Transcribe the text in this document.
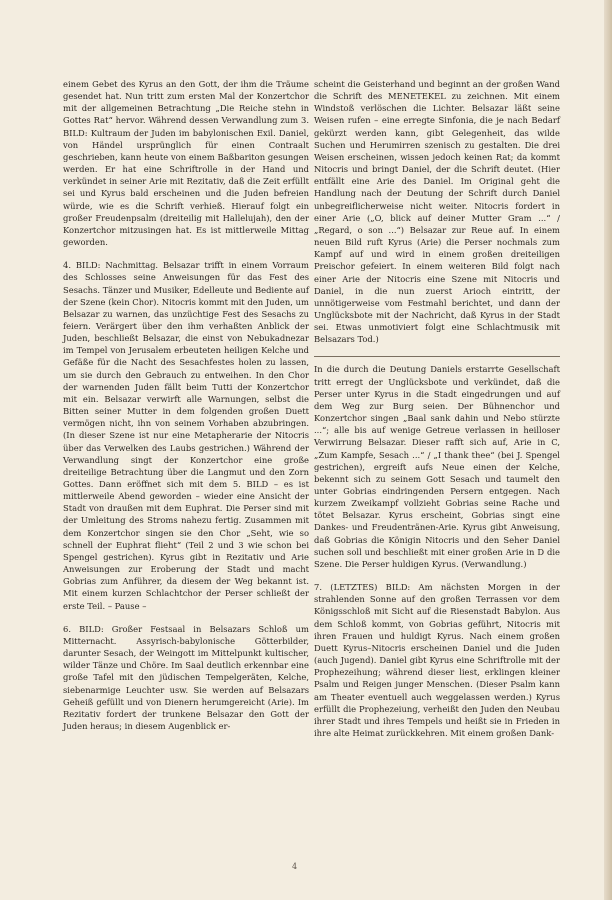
einem Gebet des Kyrus an den Gott, der ihm die Träume gesendet hat. Nun tritt zum ersten Mal der Konzertchor mit der allgemeinen Betrachtung „Die Reiche stehn in Gottes Rat“ hervor. Während dessen Verwandlung zum 3. BILD: Kultraum der Juden im babylonischen Exil. Daniel, von Händel ursprünglich für einen Contraalt geschrieben, kann heute von einem Baßbariton gesungen werden. Er hat eine Schriftrolle in der Hand und verkündet in seiner Arie mit Rezitativ, daß die Zeit erfüllt sei und Kyrus bald erscheinen und die Juden befreien würde, wie es die Schrift verhieß. Hierauf folgt ein großer Freudenpsalm (dreiteilig mit Hallelujah), den der Konzertchor mitzusingen hat. Es ist mittlerweile Mittag geworden.

4. BILD: Nachmittag. Belsazar trifft in einem Vorraum des Schlosses seine Anweisungen für das Fest des Sesachs. Tänzer und Musiker, Edelleute und Bediente auf der Szene (kein Chor). Nitocris kommt mit den Juden, um Belsazar zu warnen, das unzüchtige Fest des Sesachs zu feiern. Verärgert über den ihm verhaßten Anblick der Juden, beschließt Belsazar, die einst von Nebukadnezar im Tempel von Jerusalem erbeuteten heiligen Kelche und Gefäße für die Nacht des Sesachfestes holen zu lassen, um sie durch den Gebrauch zu entweihen. In den Chor der warnenden Juden fällt beim Tutti der Konzertchor mit ein. Belsazar verwirft alle Warnungen, selbst die Bitten seiner Mutter in dem folgenden großen Duett vermögen nicht, ihn von seinem Vorhaben abzubringen. (In dieser Szene ist nur eine Metapherarie der Nitocris über das Verwelken des Laubs gestrichen.) Während der Verwandlung singt der Konzertchor eine große dreiteilige Betrachtung über die Langmut und den Zorn Gottes. Dann eröffnet sich mit dem 5. BILD – es ist mittlerweile Abend geworden – wieder eine Ansicht der Stadt von draußen mit dem Euphrat. Die Perser sind mit der Umleitung des Stroms nahezu fertig. Zusammen mit dem Konzertchor singen sie den Chor „Seht, wie so schnell der Euphrat flieht“ (Teil 2 und 3 wie schon bei Spengel gestrichen). Kyrus gibt in Rezitativ und Arie Anweisungen zur Eroberung der Stadt und macht Gobrias zum Anführer, da diesem der Weg bekannt ist. Mit einem kurzen Schlachtchor der Perser schließt der erste Teil. – Pause –

6. BILD: Großer Festsaal in Belsazars Schloß um Mitternacht. Assyrisch-babylonische Götterbilder, darunter Sesach, der Weingott im Mittelpunkt kultischer, wilder Tänze und Chöre. Im Saal deutlich erkennbar eine große Tafel mit den jüdischen Tempelgeräten, Kelche, siebenarmige Leuchter usw. Sie werden auf Belsazars Geheiß gefüllt und von Dienern herumgereicht (Arie). Im Rezitativ fordert der trunkene Belsazar den Gott der Juden heraus; in diesem Augenblick er-

scheint die Geisterhand und beginnt an der großen Wand die Schrift des MENETEKEL zu zeichnen. Mit einem Windstoß verlöschen die Lichter. Belsazar läßt seine Weisen rufen – eine erregte Sinfonia, die je nach Bedarf gekürzt werden kann, gibt Gelegenheit, das wilde Suchen und Herumirren szenisch zu gestalten. Die drei Weisen erscheinen, wissen jedoch keinen Rat; da kommt Nitocris und bringt Daniel, der die Schrift deutet. (Hier entfällt eine Arie des Daniel. Im Original geht die Handlung nach der Deutung der Schrift durch Daniel unbegreiflicherweise nicht weiter. Nitocris fordert in einer Arie („O, blick auf deiner Mutter Gram ...“ / „Regard, o son ...“) Belsazar zur Reue auf. In einem neuen Bild ruft Kyrus (Arie) die Perser nochmals zum Kampf auf und wird in einem großen dreiteiligen Preischor gefeiert. In einem weiteren Bild folgt nach einer Arie der Nitocris eine Szene mit Nitocris und Daniel, in die nun zuerst Arioch eintritt, der unnötigerweise vom Festmahl berichtet, und dann der Unglücksbote mit der Nachricht, daß Kyrus in der Stadt sei. Etwas unmotiviert folgt eine Schlachtmusik mit Belsazars Tod.)

In die durch die Deutung Daniels erstarrte Gesellschaft tritt erregt der Unglücksbote und verkündet, daß die Perser unter Kyrus in die Stadt eingedrungen und auf dem Weg zur Burg seien. Der Bühnenchor und Konzertchor singen „Baal sank dahin und Nebo stürzte ...“; alle bis auf wenige Getreue verlassen in heilloser Verwirrung Belsazar. Dieser rafft sich auf, Arie in C, „Zum Kampfe, Sesach ...“ / „I thank thee“ (bei J. Spengel gestrichen), ergreift aufs Neue einen der Kelche, bekennt sich zu seinem Gott Sesach und taumelt den unter Gobrias eindringenden Persern entgegen. Nach kurzem Zweikampf vollzieht Gobrias seine Rache und tötet Belsazar. Kyrus erscheint, Gobrias singt eine Dankes- und Freudentränen-Arie. Kyrus gibt Anweisung, daß Gobrias die Königin Nitocris und den Seher Daniel suchen soll und beschließt mit einer großen Arie in D die Szene. Die Perser huldigen Kyrus. (Verwandlung.)

7. (LETZTES) BILD: Am nächsten Morgen in der strahlenden Sonne auf den großen Terrassen vor dem Königsschloß mit Sicht auf die Riesenstadt Babylon. Aus dem Schloß kommt, von Gobrias geführt, Nitocris mit ihren Frauen und huldigt Kyrus. Nach einem großen Duett Kyrus–Nitocris erscheinen Daniel und die Juden (auch Jugend). Daniel gibt Kyrus eine Schriftrolle mit der Prophezeihung; während dieser liest, erklingen kleiner Psalm und Reigen junger Menschen. (Dieser Psalm kann am Theater eventuell auch weggelassen werden.) Kyrus erfüllt die Prophezeiung, verheißt den Juden den Neubau ihrer Stadt und ihres Tempels und heißt sie in Frieden in ihre alte Heimat zurückkehren. Mit einem großen Dank-

4
